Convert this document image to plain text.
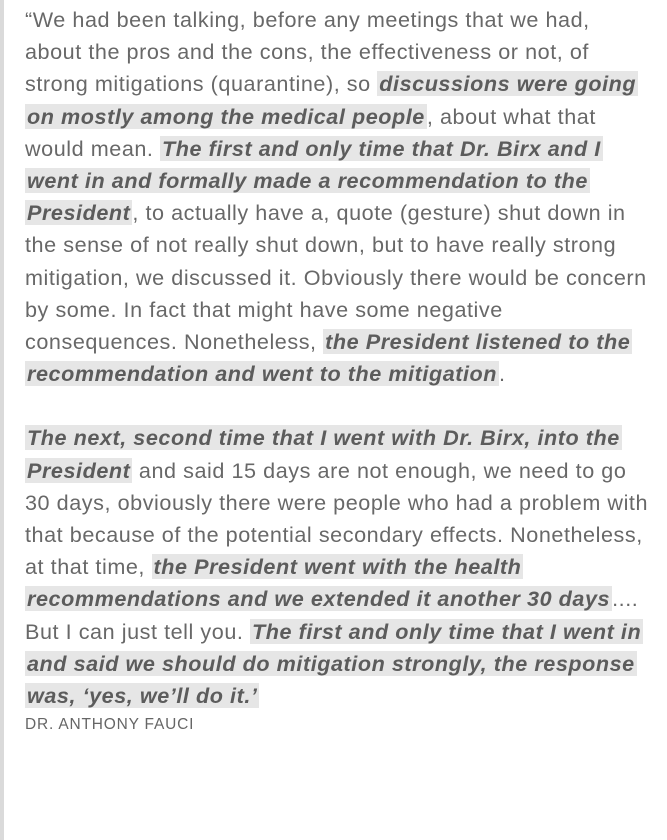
“We had been talking, before any meetings that we had, about the pros and the cons, the effectiveness or not, of strong mitigations (quarantine), so discussions were going on mostly among the medical people, about what that would mean. The first and only time that Dr. Birx and I went in and formally made a recommendation to the President, to actually have a, quote (gesture) shut down in the sense of not really shut down, but to have really strong mitigation, we discussed it. Obviously there would be concern by some. In fact that might have some negative consequences. Nonetheless, the President listened to the recommendation and went to the mitigation.

The next, second time that I went with Dr. Birx, into the President and said 15 days are not enough, we need to go 30 days, obviously there were people who had a problem with that because of the potential secondary effects. Nonetheless, at that time, the President went with the health recommendations and we extended it another 30 days.... But I can just tell you. The first and only time that I went in and said we should do mitigation strongly, the response was, ‘yes, we’ll do it.’

DR. ANTHONY FAUCI
